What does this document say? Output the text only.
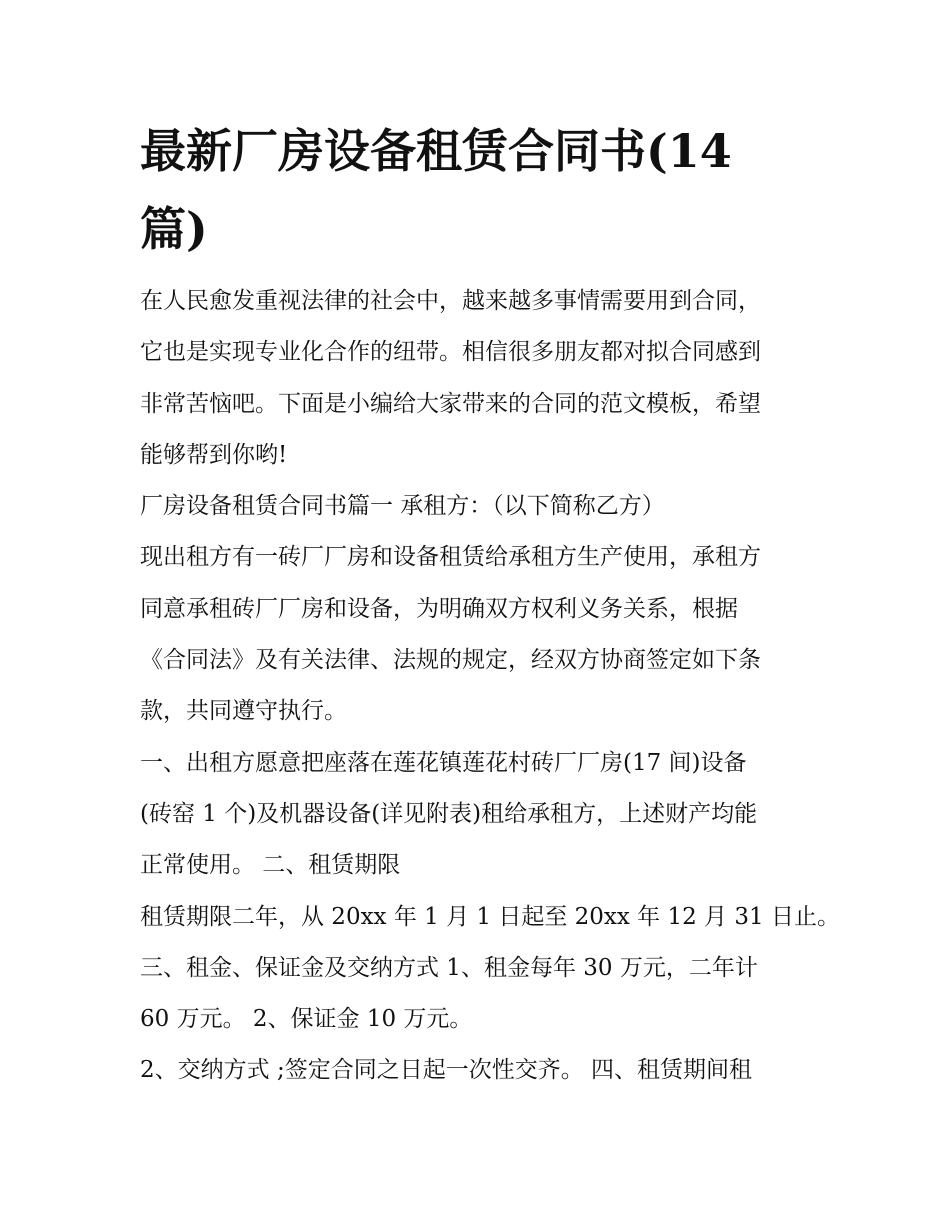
最新厂房设备租赁合同书(14
篇)
在人民愈发重视法律的社会中，越来越多事情需要用到合同，
它也是实现专业化合作的纽带。相信很多朋友都对拟合同感到
非常苦恼吧。下面是小编给大家带来的合同的范文模板，希望
能够帮到你哟!
厂房设备租赁合同书篇一 承租方：（以下简称乙方）
现出租方有一砖厂厂房和设备租赁给承租方生产使用，承租方
同意承租砖厂厂房和设备，为明确双方权利义务关系，根据
《合同法》及有关法律、法规的规定，经双方协商签定如下条
款，共同遵守执行。
一、出租方愿意把座落在莲花镇莲花村砖厂厂房(17 间)设备
(砖窑 1 个)及机器设备(详见附表)租给承租方，上述财产均能
正常使用。 二、租赁期限
租赁期限二年，从 20xx 年 1 月 1 日起至 20xx 年 12 月 31 日止。
三、租金、保证金及交纳方式 1、租金每年 30 万元，二年计
60 万元。 2、保证金 10 万元。
2、交纳方式 ;签定合同之日起一次性交齐。 四、租赁期间租
